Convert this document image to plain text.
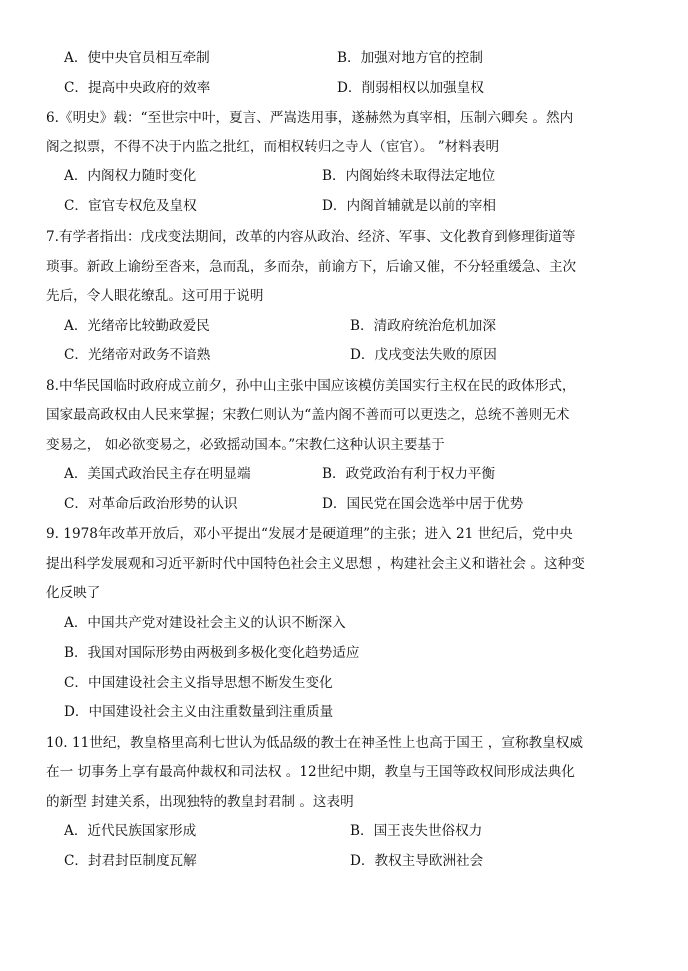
A．使中央官员相互牵制	B．加强对地方官的控制
C．提高中央政府的效率	D．削弱相权以加强皇权
6.《明史》载：“至世宗中叶，夏言、严嵩迭用事，遂赫然为真宰相，压制六卿矣 。然内
阁之拟票，不得不决于内监之批红，而相权转归之寺人（宦官）。 ”材料表明
A．内阁权力随时变化	B．内阁始终未取得法定地位
C．宦官专权危及皇权	D．内阁首辅就是以前的宰相
7.有学者指出：戊戌变法期间，改革的内容从政治、经济、军事、文化教育到修理街道等
琐事。新政上谕纷至沓来，急而乱，多而杂，前谕方下，后谕又催，不分轻重缓急、主次
先后，令人眼花缭乱。这可用于说明
A．光绪帝比较勤政爱民	B．清政府统治危机加深
C．光绪帝对政务不谙熟	D．戊戌变法失败的原因
8.中华民国临时政府成立前夕，孙中山主张中国应该模仿美国实行主权在民的政体形式，
国家最高政权由人民来掌握；宋教仁则认为“盖内阁不善而可以更迭之，总统不善则无术
变易之， 如必欲变易之，必致摇动国本。”宋教仁这种认识主要基于
A．美国式政治民主存在明显端	B．政党政治有利于权力平衡
C．对革命后政治形势的认识	D．国民党在国会选举中居于优势
9. 1978年改革开放后，邓小平提出“发展才是硬道理”的主张；进入 21 世纪后，党中央
提出科学发展观和习近平新时代中国特色社会主义思想 ，构建社会主义和谐社会 。这种变
化反映了
A．中国共产党对建设社会主义的认识不断深入
B．我国对国际形势由两极到多极化变化趋势适应
C．中国建设社会主义指导思想不断发生变化
D．中国建设社会主义由注重数量到注重质量
10. 11世纪，教皇格里高利七世认为低品级的教士在神圣性上也高于国王 ，宣称教皇权威
在一 切事务上享有最高仲裁权和司法权 。12世纪中期，教皇与王国等政权间形成法典化
的新型 封建关系，出现独特的教皇封君制 。这表明
A．近代民族国家形成	B．国王丧失世俗权力
C．封君封臣制度瓦解	D．教权主导欧洲社会
